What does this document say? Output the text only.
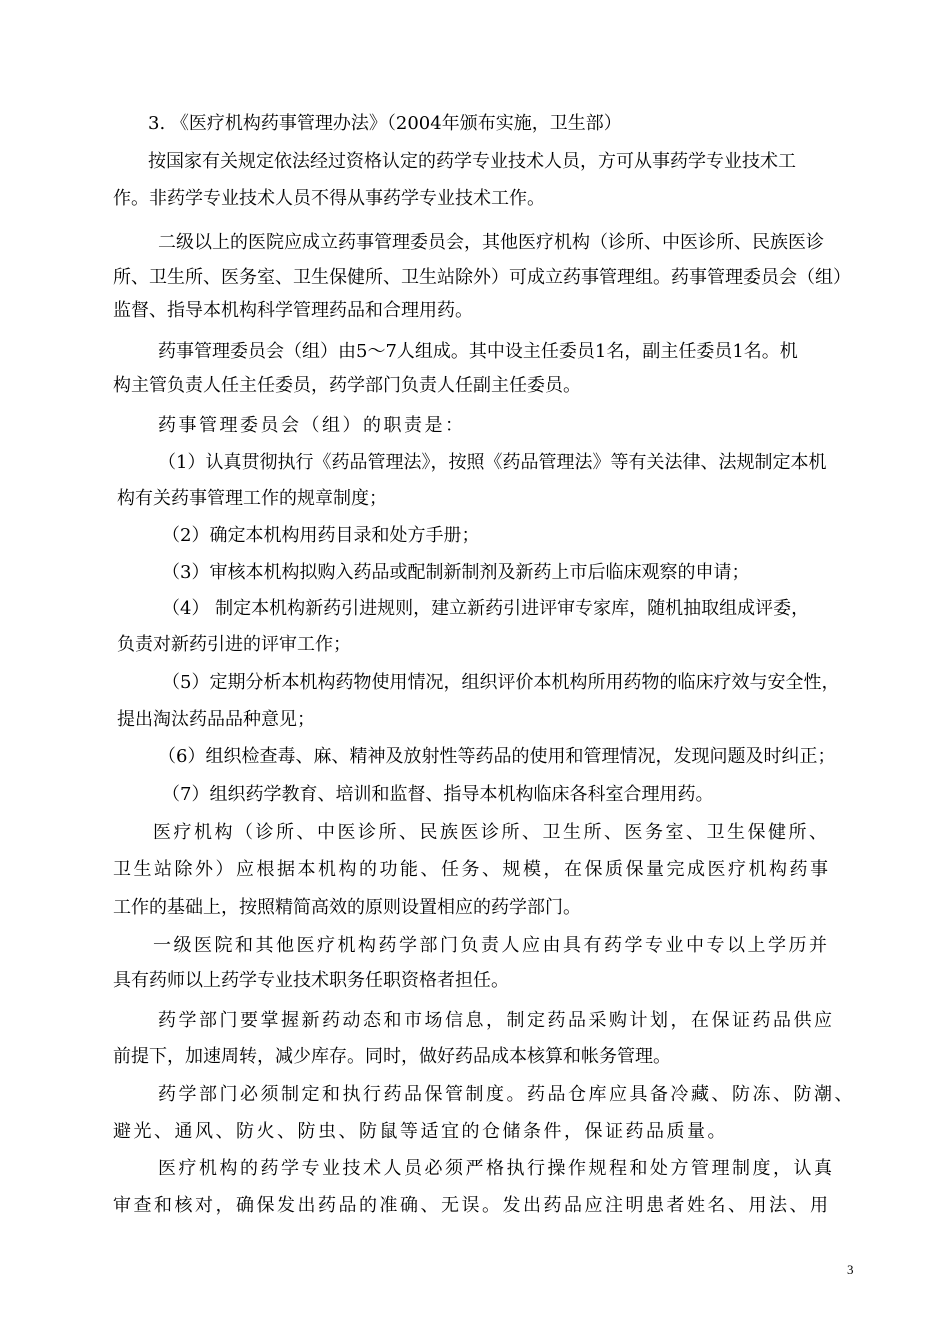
3. 《医疗机构药事管理办法》（2004年颁布实施，卫生部）
按国家有关规定依法经过资格认定的药学专业技术人员，方可从事药学专业技术工
作。非药学专业技术人员不得从事药学专业技术工作。
二级以上的医院应成立药事管理委员会，其他医疗机构（诊所、中医诊所、民族医诊
所、卫生所、医务室、卫生保健所、卫生站除外）可成立药事管理组。药事管理委员会（组）
监督、指导本机构科学管理药品和合理用药。
药事管理委员会（组）由5～7人组成。其中设主任委员1名，副主任委员1名。机
构主管负责人任主任委员，药学部门负责人任副主任委员。
药事管理委员会（组）的职责是：
（1）认真贯彻执行《药品管理法》，按照《药品管理法》等有关法律、法规制定本机
构有关药事管理工作的规章制度；
（2）确定本机构用药目录和处方手册；
（3）审核本机构拟购入药品或配制新制剂及新药上市后临床观察的申请；
（4） 制定本机构新药引进规则，建立新药引进评审专家库，随机抽取组成评委，
负责对新药引进的评审工作；
（5）定期分析本机构药物使用情况，组织评价本机构所用药物的临床疗效与安全性，
提出淘汰药品品种意见；
（6）组织检查毒、麻、精神及放射性等药品的使用和管理情况，发现问题及时纠正；
（7）组织药学教育、培训和监督、指导本机构临床各科室合理用药。
医疗机构（诊所、中医诊所、民族医诊所、卫生所、医务室、卫生保健所、
卫生站除外）应根据本机构的功能、任务、规模，在保质保量完成医疗机构药事
工作的基础上，按照精简高效的原则设置相应的药学部门。
一级医院和其他医疗机构药学部门负责人应由具有药学专业中专以上学历并
具有药师以上药学专业技术职务任职资格者担任。
药学部门要掌握新药动态和市场信息，制定药品采购计划，在保证药品供应
前提下，加速周转，减少库存。同时，做好药品成本核算和帐务管理。
药学部门必须制定和执行药品保管制度。药品仓库应具备冷藏、防冻、防潮、
避光、通风、防火、防虫、防鼠等适宜的仓储条件，保证药品质量。
医疗机构的药学专业技术人员必须严格执行操作规程和处方管理制度，认真
审查和核对，确保发出药品的准确、无误。发出药品应注明患者姓名、用法、用
3
